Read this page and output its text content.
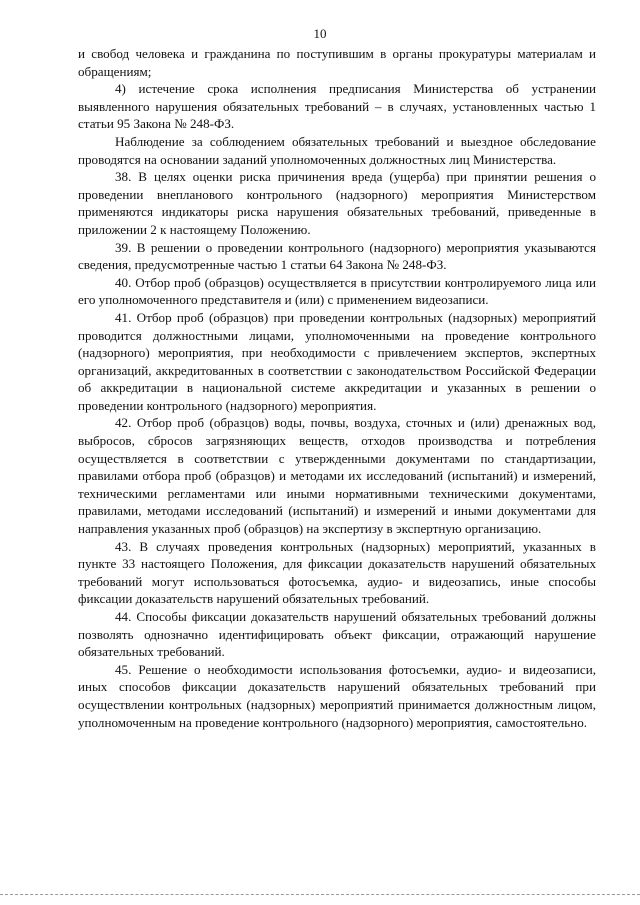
10

и свобод человека и гражданина по поступившим в органы прокуратуры материалам и обращениям;

4) истечение срока исполнения предписания Министерства об устранении выявленного нарушения обязательных требований – в случаях, установленных частью 1 статьи 95 Закона № 248-ФЗ.

Наблюдение за соблюдением обязательных требований и выездное обследование проводятся на основании заданий уполномоченных должностных лиц Министерства.

38. В целях оценки риска причинения вреда (ущерба) при принятии решения о проведении внепланового контрольного (надзорного) мероприятия Министерством применяются индикаторы риска нарушения обязательных требований, приведенные в приложении 2 к настоящему Положению.

39. В решении о проведении контрольного (надзорного) мероприятия указываются сведения, предусмотренные частью 1 статьи 64 Закона № 248-ФЗ.

40. Отбор проб (образцов) осуществляется в присутствии контролируемого лица или его уполномоченного представителя и (или) с применением видеозаписи.

41. Отбор проб (образцов) при проведении контрольных (надзорных) мероприятий проводится должностными лицами, уполномоченными на проведение контрольного (надзорного) мероприятия, при необходимости с привлечением экспертов, экспертных организаций, аккредитованных в соответствии с законодательством Российской Федерации об аккредитации в национальной системе аккредитации и указанных в решении о проведении контрольного (надзорного) мероприятия.

42. Отбор проб (образцов) воды, почвы, воздуха, сточных и (или) дренажных вод, выбросов, сбросов загрязняющих веществ, отходов производства и потребления осуществляется в соответствии с утвержденными документами по стандартизации, правилами отбора проб (образцов) и методами их исследований (испытаний) и измерений, техническими регламентами или иными нормативными техническими документами, правилами, методами исследований (испытаний) и измерений и иными документами для направления указанных проб (образцов) на экспертизу в экспертную организацию.

43. В случаях проведения контрольных (надзорных) мероприятий, указанных в пункте 33 настоящего Положения, для фиксации доказательств нарушений обязательных требований могут использоваться фотосъемка, аудио- и видеозапись, иные способы фиксации доказательств нарушений обязательных требований.

44. Способы фиксации доказательств нарушений обязательных требований должны позволять однозначно идентифицировать объект фиксации, отражающий нарушение обязательных требований.

45. Решение о необходимости использования фотосъемки, аудио- и видеозаписи, иных способов фиксации доказательств нарушений обязательных требований при осуществлении контрольных (надзорных) мероприятий принимается должностным лицом, уполномоченным на проведение контрольного (надзорного) мероприятия, самостоятельно.
